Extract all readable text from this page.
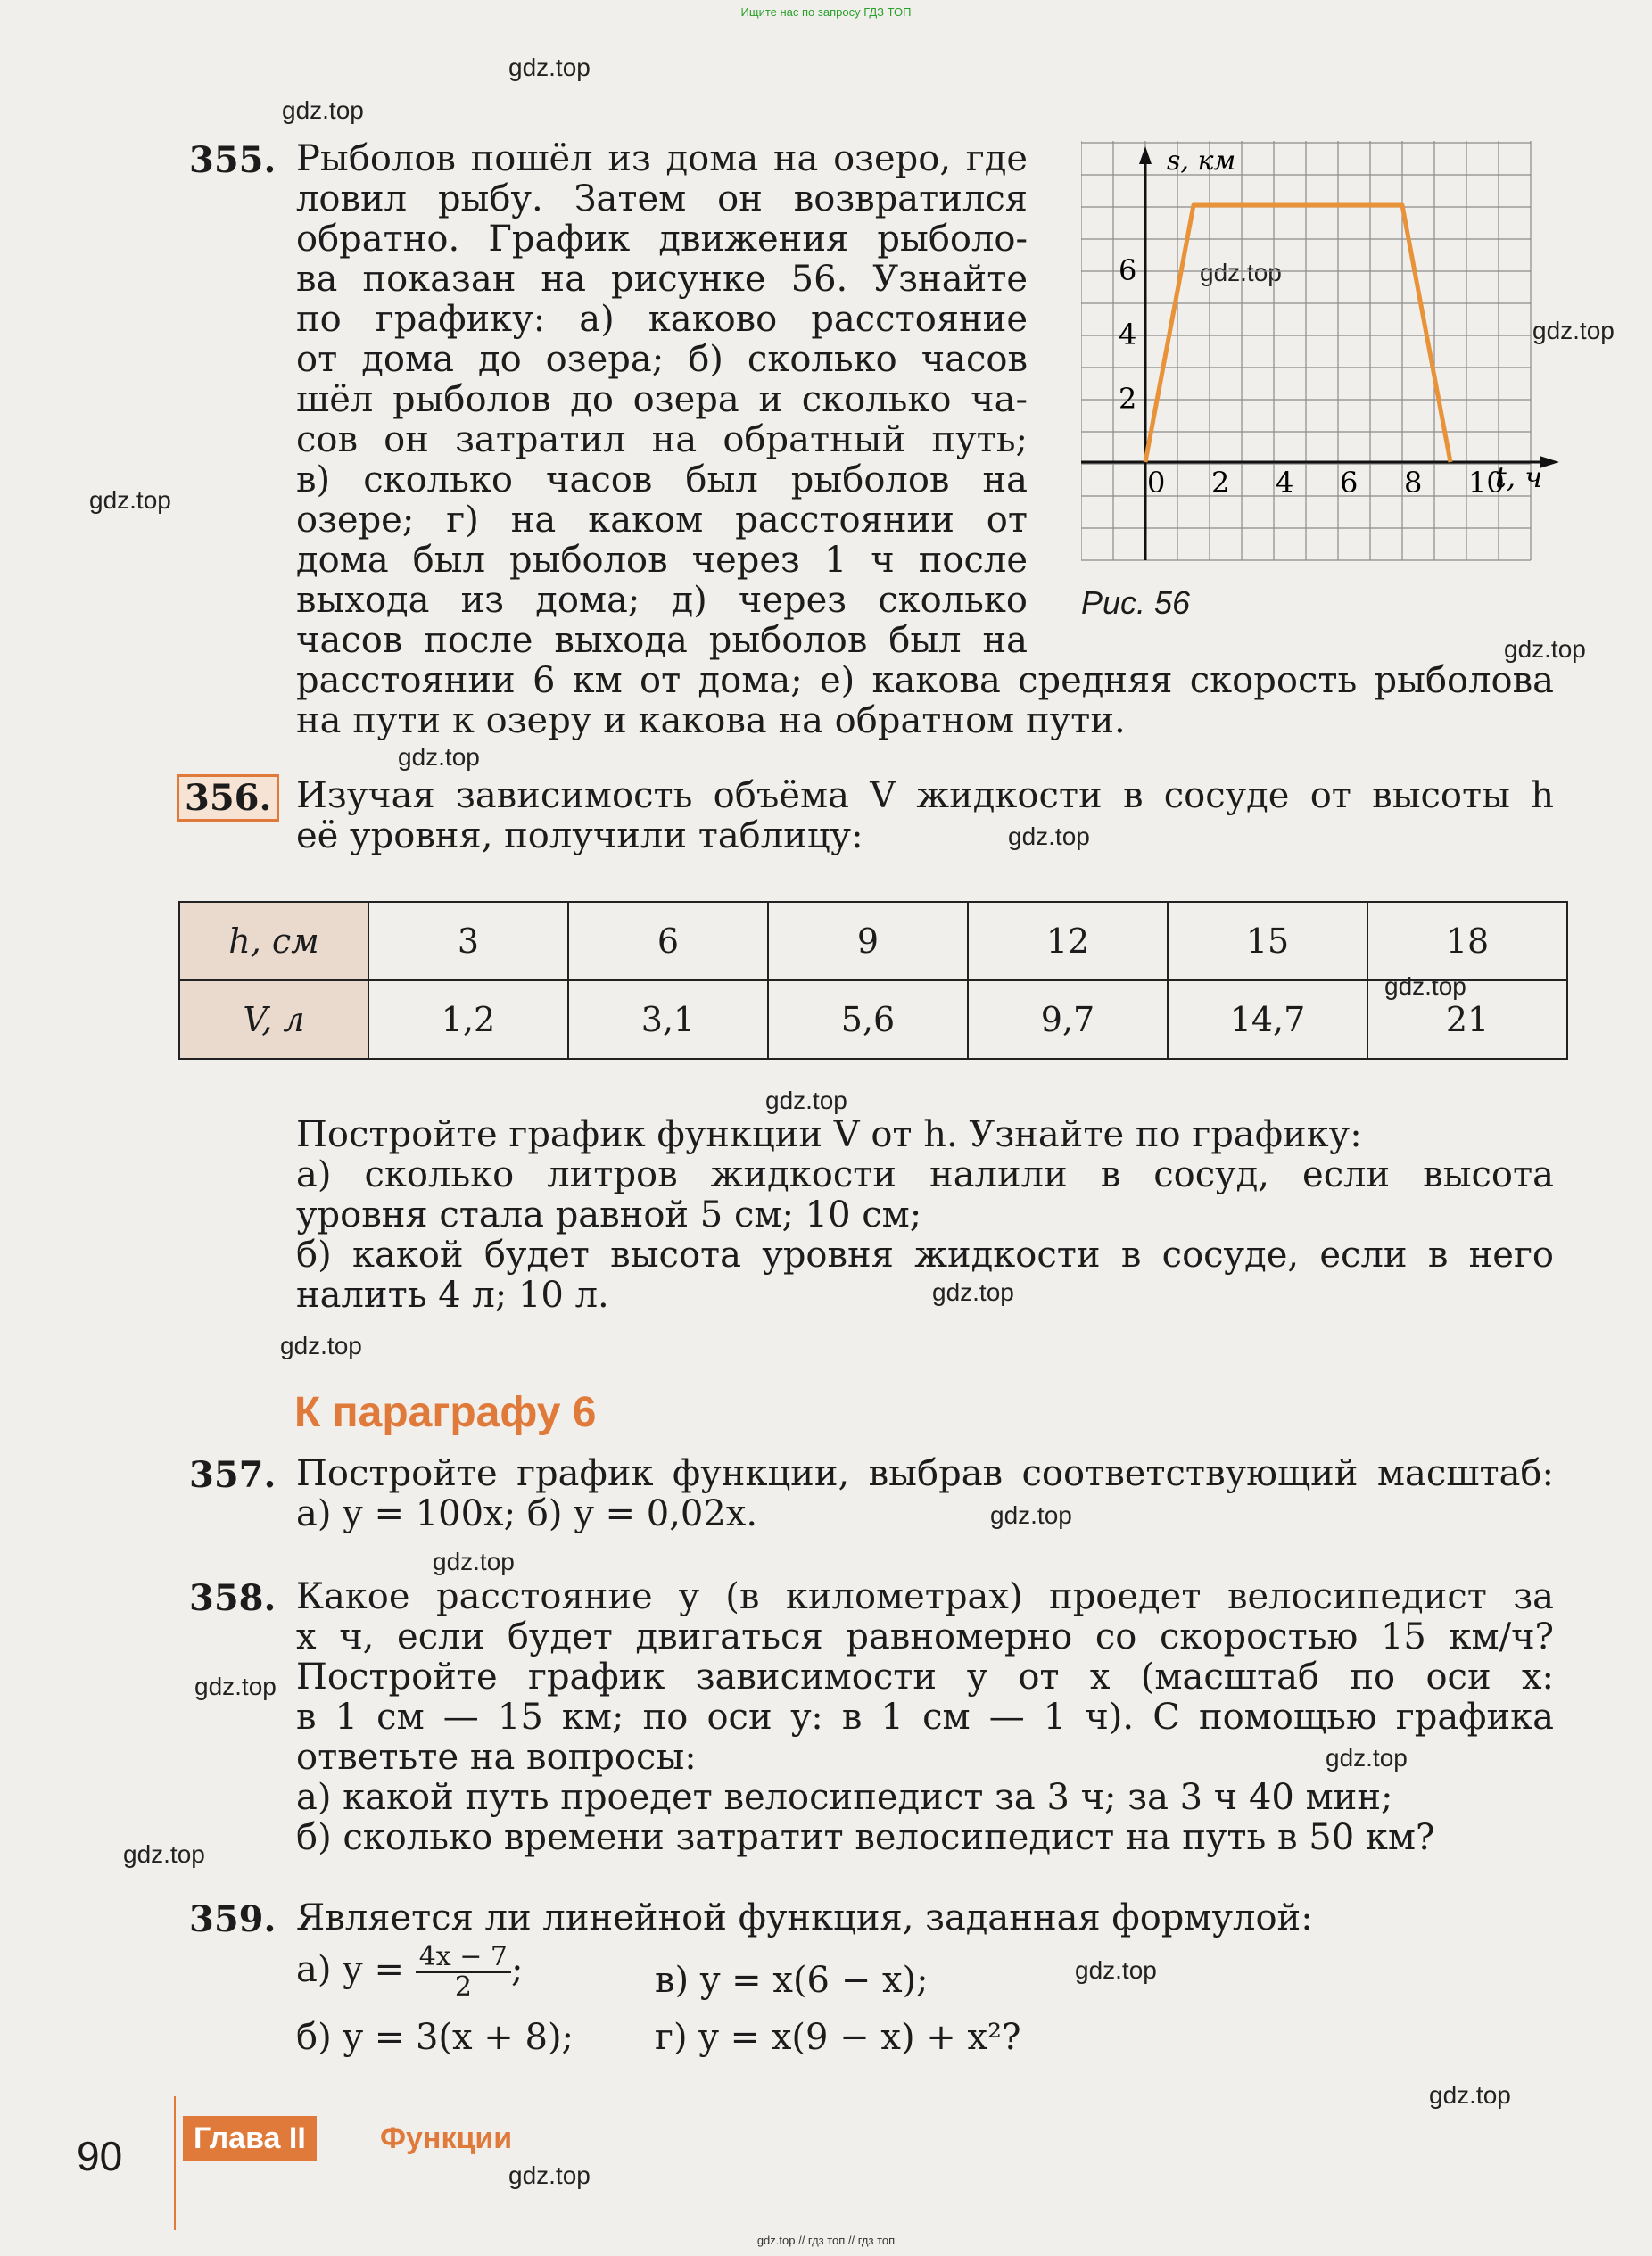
Ищите нас по запросу ГДЗ ТОП
gdz.top
gdz.top
gdz.top
gdz.top
gdz.top
gdz.top
gdz.top
gdz.top
gdz.top
gdz.top
gdz.top
gdz.top
gdz.top
gdz.top
gdz.top
gdz.top
gdz.top
gdz.top
gdz.top
gdz.top
355. Рыболов пошёл из дома на озеро, где
ловил рыбу. Затем он возвратился
обратно. График движения рыболо-
ва показан на рисунке 56. Узнайте
по графику: а) каково расстояние
от дома до озера; б) сколько часов
шёл рыболов до озера и сколько ча-
сов он затратил на обратный путь;
в) сколько часов был рыболов на
озере; г) на каком расстоянии от
дома был рыболов через 1 ч после
выхода из дома; д) через сколько
часов после выхода рыболов был на
расстоянии 6 км от дома; е) какова средняя скорость рыболова
на пути к озеру и какова на обратном пути.
0 2 4 6 8 10
2
4
6
s, км
t, ч
Рис. 56
356. Изучая зависимость объёма V жидкости в сосуде от высоты h
её уровня, получили таблицу:
h, см	3	6	9	12	15	18
V, л	1,2	3,1	5,6	9,7	14,7	21
Постройте график функции V от h. Узнайте по графику:
а) сколько литров жидкости налили в сосуд, если высота
уровня стала равной 5 см; 10 см;
б) какой будет высота уровня жидкости в сосуде, если в него
налить 4 л; 10 л.
К параграфу 6
357. Постройте график функции, выбрав соответствующий масштаб:
а) y = 100x; б) y = 0,02x.
358. Какое расстояние y (в километрах) проедет велосипедист за
x ч, если будет двигаться равномерно со скоростью 15 км/ч?
Постройте график зависимости y от x (масштаб по оси x:
в 1 см — 15 км; по оси y: в 1 см — 1 ч). С помощью графика
ответьте на вопросы:
а) какой путь проедет велосипедист за 3 ч; за 3 ч 40 мин;
б) сколько времени затратит велосипедист на путь в 50 км?
359. Является ли линейной функция, заданная формулой:
а) $y = \frac{4x - 7}{2}$ ;	в) y = x(6 − x);
б) y = 3(x + 8); г) y = x(9 − x) + x²?
90	Глава II	Функции
gdz.top // гдз топ // гдз топ
